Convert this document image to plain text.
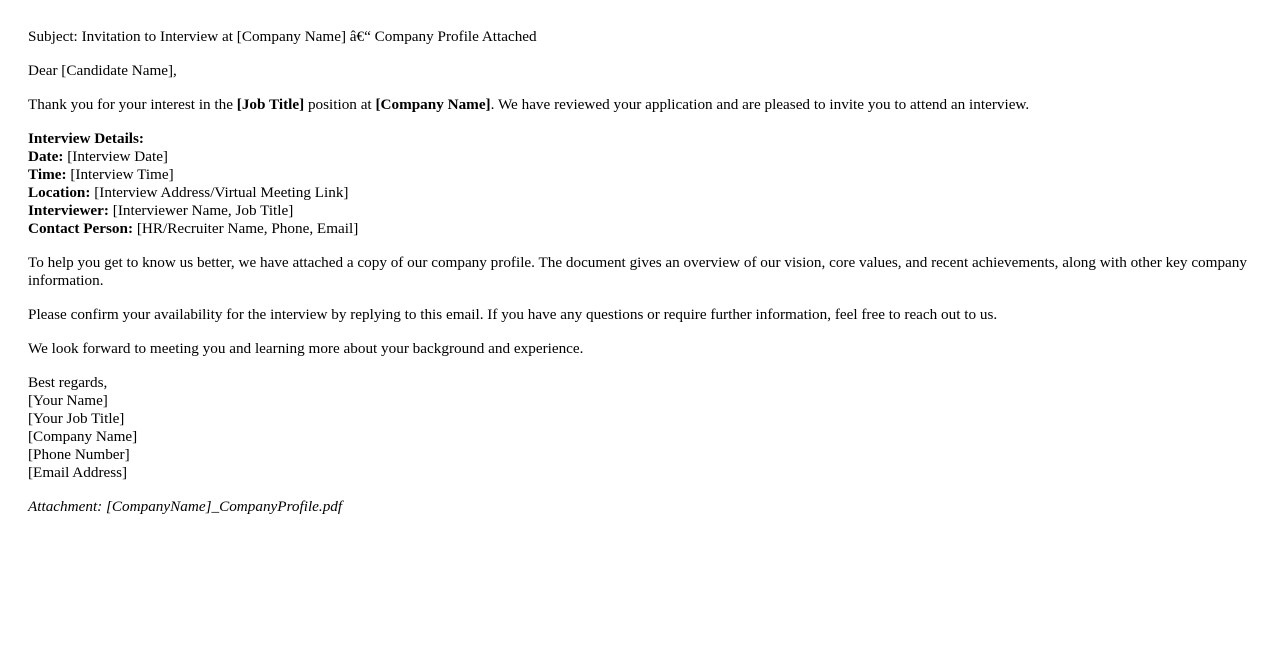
Subject: Invitation to Interview at [Company Name] â€“ Company Profile Attached

Dear [Candidate Name],

Thank you for your interest in the [Job Title] position at [Company Name]. We have reviewed your application and are pleased to invite you to attend an interview.

Interview Details:
Date: [Interview Date]
Time: [Interview Time]
Location: [Interview Address/Virtual Meeting Link]
Interviewer: [Interviewer Name, Job Title]
Contact Person: [HR/Recruiter Name, Phone, Email]

To help you get to know us better, we have attached a copy of our company profile. The document gives an overview of our vision, core values, and recent achievements, along with other key company information.

Please confirm your availability for the interview by replying to this email. If you have any questions or require further information, feel free to reach out to us.

We look forward to meeting you and learning more about your background and experience.

Best regards,
[Your Name]
[Your Job Title]
[Company Name]
[Phone Number]
[Email Address]

Attachment: [CompanyName]_CompanyProfile.pdf
